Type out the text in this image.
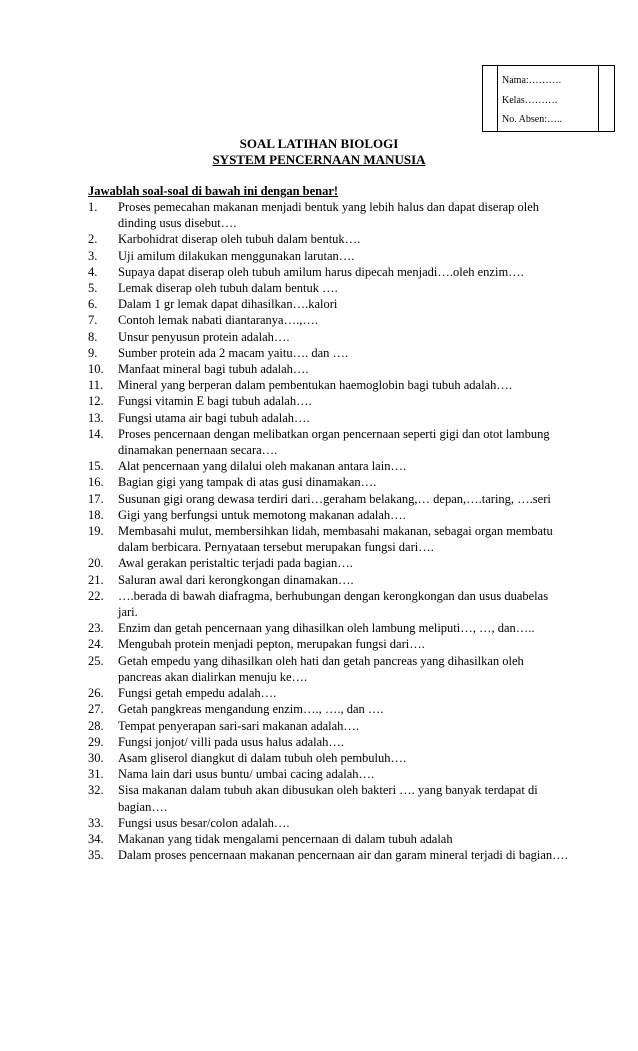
Nama:……….
Kelas……….
No. Absen:…..
SOAL LATIHAN BIOLOGI
SYSTEM PENCERNAAN MANUSIA
Jawablah soal-soal di bawah ini dengan benar!
1.	Proses pemecahan makanan menjadi bentuk yang lebih halus dan dapat diserap oleh dinding usus disebut….
2.	Karbohidrat diserap oleh tubuh dalam bentuk….
3.	Uji amilum dilakukan menggunakan larutan….
4.	Supaya dapat diserap oleh tubuh amilum harus dipecah menjadi….oleh enzim….
5.	Lemak diserap oleh tubuh dalam bentuk ….
6.	Dalam 1 gr lemak dapat dihasilkan….kalori
7.	Contoh lemak nabati diantaranya….,….
8.	Unsur penyusun protein adalah….
9.	Sumber protein ada 2 macam yaitu…. dan ….
10.	Manfaat mineral bagi tubuh adalah….
11.	Mineral yang berperan dalam pembentukan haemoglobin bagi tubuh adalah….
12.	Fungsi vitamin E bagi tubuh adalah….
13.	Fungsi utama air bagi tubuh adalah….
14.	Proses pencernaan dengan melibatkan organ pencernaan seperti gigi dan otot lambung dinamakan penernaan secara….
15.	Alat pencernaan yang dilalui oleh makanan antara lain….
16.	Bagian gigi yang tampak di atas gusi dinamakan….
17.	Susunan gigi orang dewasa terdiri dari…geraham belakang,… depan,….taring, ….seri
18.	Gigi yang berfungsi untuk memotong makanan adalah….
19.	Membasahi mulut, membersihkan lidah, membasahi makanan, sebagai organ membatu dalam berbicara. Pernyataan tersebut merupakan fungsi dari….
20.	Awal gerakan peristaltic terjadi pada bagian….
21.	Saluran awal dari kerongkongan dinamakan….
22.	….berada di bawah diafragma, berhubungan dengan kerongkongan dan usus duabelas jari.
23.	Enzim dan getah pencernaan yang dihasilkan oleh lambung meliputi…, …, dan…..
24.	Mengubah protein menjadi pepton, merupakan fungsi dari….
25.	Getah empedu yang dihasilkan oleh hati dan getah pancreas yang dihasilkan oleh pancreas akan dialirkan menuju ke….
26.	Fungsi getah empedu adalah….
27.	Getah pangkreas mengandung enzim…., …., dan ….
28.	Tempat penyerapan sari-sari makanan adalah….
29.	Fungsi jonjot/ villi pada usus halus adalah….
30.	Asam gliserol diangkut di dalam tubuh oleh pembuluh….
31.	Nama lain dari usus buntu/ umbai cacing adalah….
32.	Sisa makanan dalam tubuh akan dibusukan oleh bakteri …. yang banyak terdapat di bagian….
33.	Fungsi usus besar/colon adalah….
34.	Makanan yang tidak mengalami pencernaan di dalam tubuh adalah
35.	Dalam proses pencernaan makanan pencernaan air dan garam mineral terjadi di bagian….
